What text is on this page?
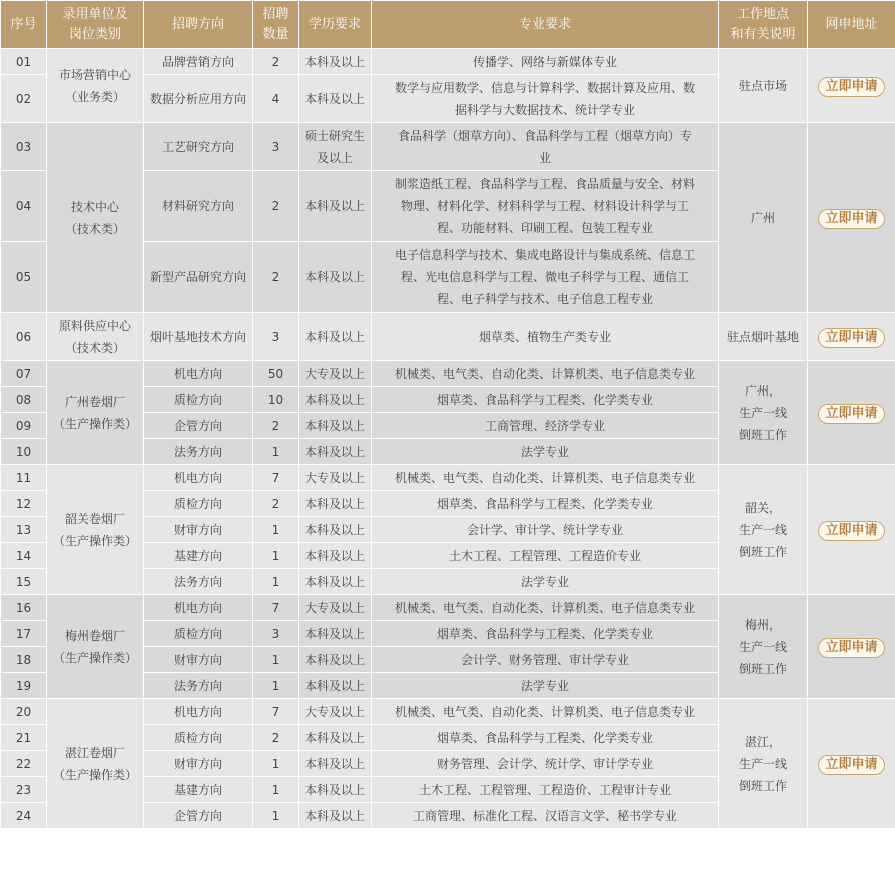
序号	录用单位及
岗位类别	招聘方向	招聘
数量	学历要求	专业要求	工作地点
和有关说明	网申地址
01	市场营销中心
（业务类）	品牌营销方向	2	本科及以上	传播学、网络与新媒体专业	驻点市场	立即申请
02		数据分析应用方向	4	本科及以上	数学与应用数学、信息与计算科学、数据计算及应用、数据科学与大数据技术、统计学专业		
03	技术中心
（技术类）	工艺研究方向	3	硕士研究生及以上	食品科学（烟草方向）、食品科学与工程（烟草方向）专业	广州	立即申请
04		材料研究方向	2	本科及以上	制浆造纸工程、食品科学与工程、食品质量与安全、材料物理、材料化学、材料科学与工程、材料设计科学与工程、功能材料、印刷工程、包装工程专业		
05		新型产品研究方向	2	本科及以上	电子信息科学与技术、集成电路设计与集成系统、信息工程、光电信息科学与工程、微电子科学与工程、通信工程、电子科学与技术、电子信息工程专业		
06	原料供应中心
（技术类）	烟叶基地技术方向	3	本科及以上	烟草类、植物生产类专业	驻点烟叶基地	立即申请
07	广州卷烟厂
（生产操作类）	机电方向	50	大专及以上	机械类、电气类、自动化类、计算机类、电子信息类专业	广州，
生产一线
倒班工作	立即申请
08		质检方向	10	本科及以上	烟草类、食品科学与工程类、化学类专业		
09		企管方向	2	本科及以上	工商管理、经济学专业		
10		法务方向	1	本科及以上	法学专业		
11	韶关卷烟厂
（生产操作类）	机电方向	7	大专及以上	机械类、电气类、自动化类、计算机类、电子信息类专业	韶关，
生产一线
倒班工作	立即申请
12		质检方向	2	本科及以上	烟草类、食品科学与工程类、化学类专业		
13		财审方向	1	本科及以上	会计学、审计学、统计学专业		
14		基建方向	1	本科及以上	土木工程、工程管理、工程造价专业		
15		法务方向	1	本科及以上	法学专业		
16	梅州卷烟厂
（生产操作类）	机电方向	7	大专及以上	机械类、电气类、自动化类、计算机类、电子信息类专业	梅州，
生产一线
倒班工作	立即申请
17		质检方向	3	本科及以上	烟草类、食品科学与工程类、化学类专业		
18		财审方向	1	本科及以上	会计学、财务管理、审计学专业		
19		法务方向	1	本科及以上	法学专业		
20	湛江卷烟厂
（生产操作类）	机电方向	7	大专及以上	机械类、电气类、自动化类、计算机类、电子信息类专业	湛江，
生产一线
倒班工作	立即申请
21		质检方向	2	本科及以上	烟草类、食品科学与工程类、化学类专业		
22		财审方向	1	本科及以上	财务管理、会计学、统计学、审计学专业		
23		基建方向	1	本科及以上	土木工程、工程管理、工程造价、工程审计专业		
24		企管方向	1	本科及以上	工商管理、标准化工程、汉语言文学、秘书学专业		
